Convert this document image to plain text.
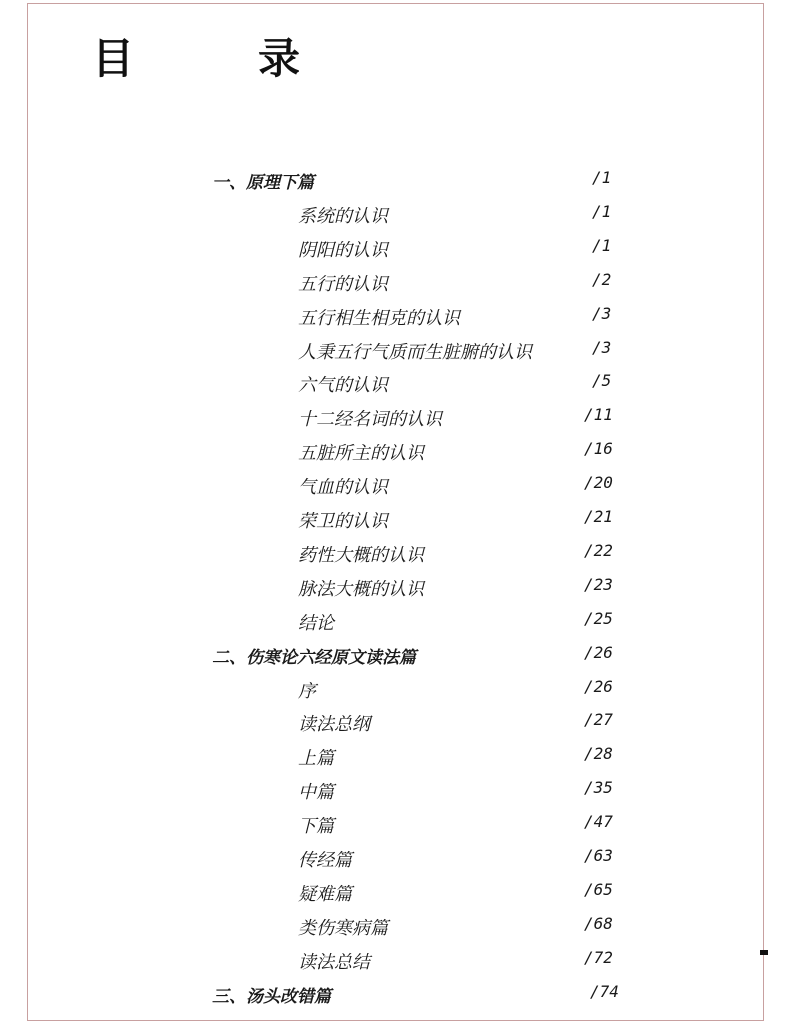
目	录
一、原理下篇	/1
系统的认识	/1
阴阳的认识	/1
五行的认识	/2
五行相生相克的认识	/3
人秉五行气质而生脏腑的认识	/3
六气的认识	/5
十二经名词的认识	/11
五脏所主的认识	/16
气血的认识	/20
荣卫的认识	/21
药性大概的认识	/22
脉法大概的认识	/23
结论	/25
二、伤寒论六经原文读法篇	/26
序	/26
读法总纲	/27
上篇	/28
中篇	/35
下篇	/47
传经篇	/63
疑难篇	/65
类伤寒病篇	/68
读法总结	/72
三、汤头改错篇	/74
